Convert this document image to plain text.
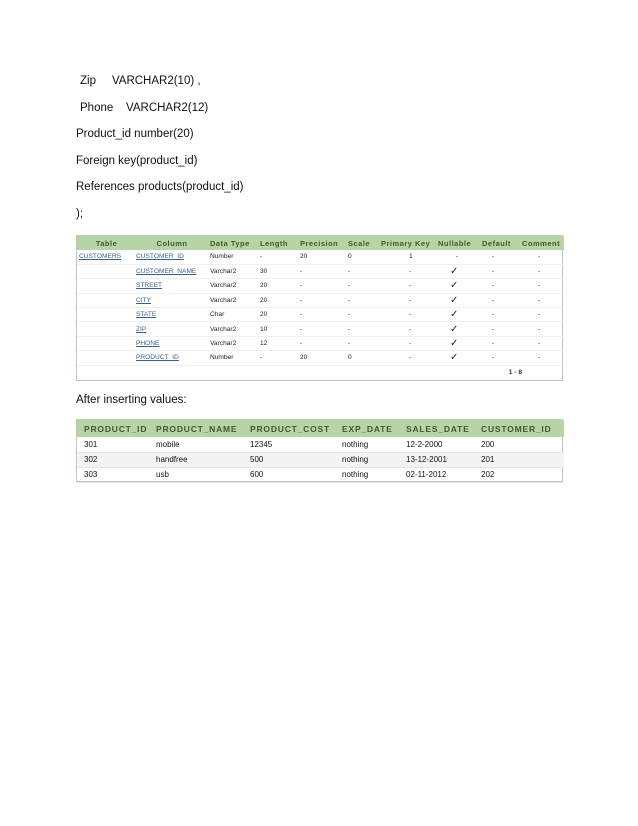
Zip     VARCHAR2(10) ,
Phone    VARCHAR2(12)
Product_id number(20)
Foreign key(product_id)
References products(product_id)
);
Table	Column	Data Type	Length	Precision	Scale	Primary Key	Nullable	Default	Comment
CUSTOMERS	CUSTOMER_ID	Number	-	20	0	1	-	-	-
	CUSTOMER_NAME	Varchar2	30	-	-	-	✓	-	-
	STREET	Varchar2	20	-	-	-	✓	-	-
	CITY	Varchar2	20	-	-	-	✓	-	-
	STATE	Char	20	-	-	-	✓	-	-
	ZIP	Varchar2	10	-	-	-	✓	-	-
	PHONE	Varchar2	12	-	-	-	✓	-	-
	PRODUCT_ID	Number	-	20	0	-	✓	-	-
1 - 8
After inserting values:
PRODUCT_ID	PRODUCT_NAME	PRODUCT_COST	EXP_DATE	SALES_DATE	CUSTOMER_ID
301	mobile	12345	nothing	12-2-2000	200
302	handfree	500	nothing	13-12-2001	201
303	usb	600	nothing	02-11-2012	202
